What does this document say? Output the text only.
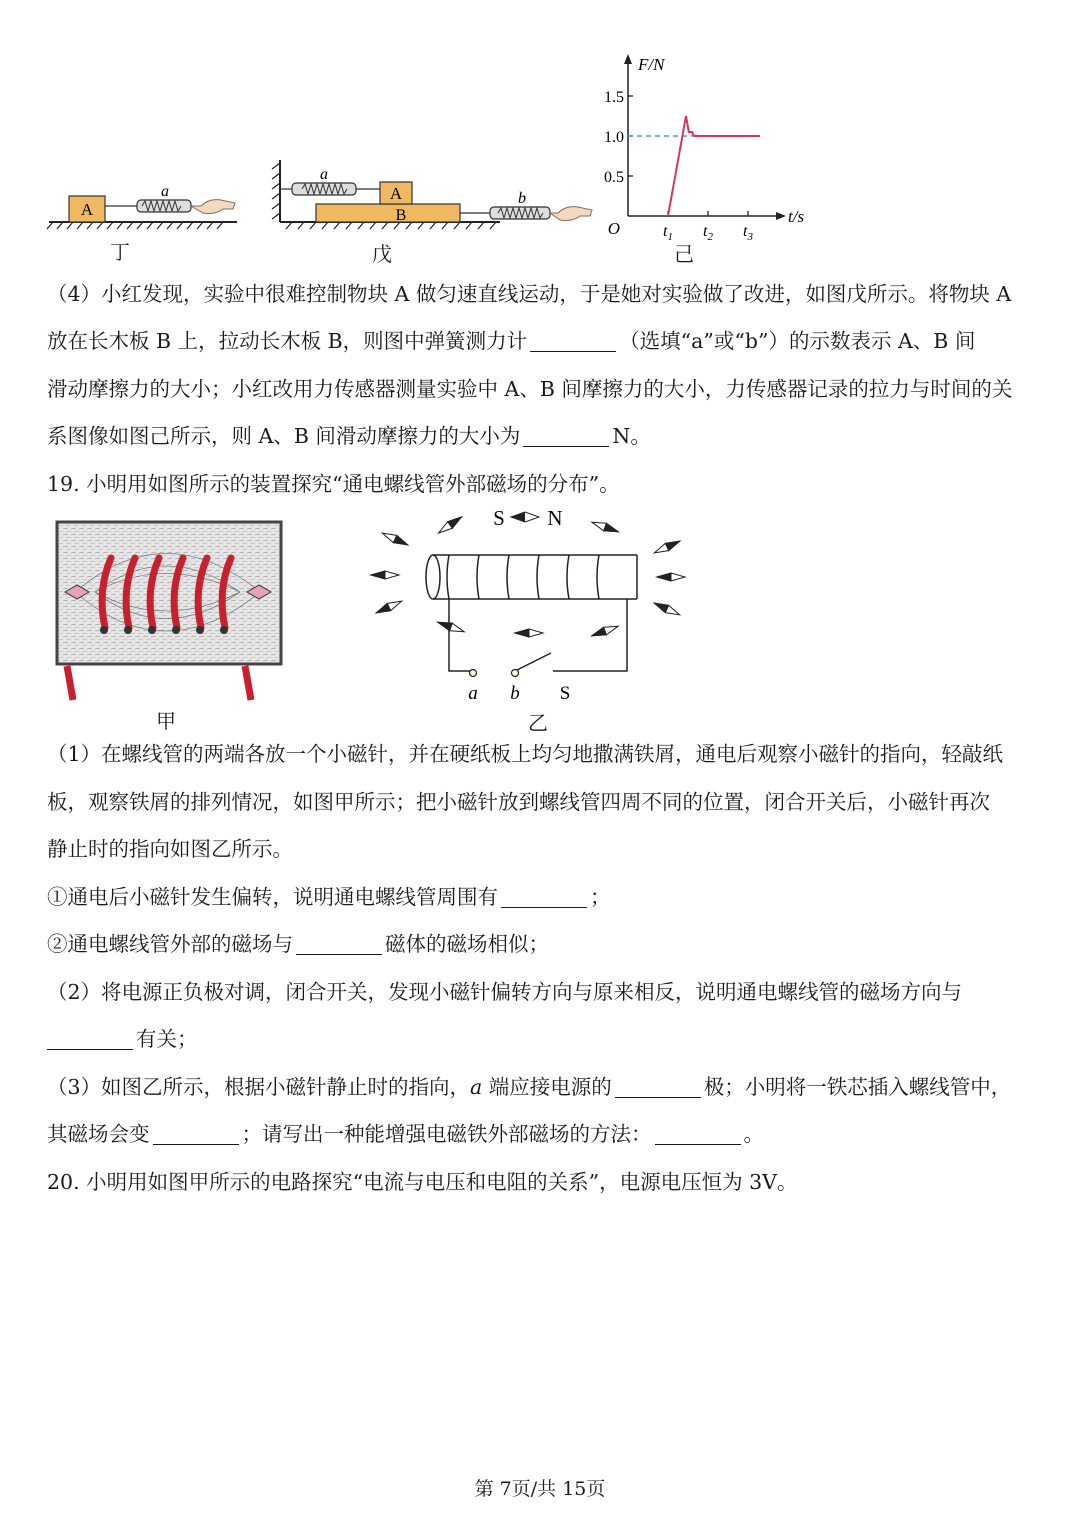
A
a
丁
B
A
a
b
戊
F/N
t/s
O
0.5
1.0
1.5
$t_1$ $t_2$ $t_3$
己
（4）小红发现，实验中很难控制物块 A 做匀速直线运动，于是她对实验做了改进，如图戊所示。将物块 A
放在长木板 B 上，拉动长木板 B，则图中弹簧测力计	（选填“a”或“b”）的示数表示 A、B 间
滑动摩擦力的大小；小红改用力传感器测量实验中 A、B 间摩擦力的大小，力传感器记录的拉力与时间的关
系图像如图己所示，则 A、B 间滑动摩擦力的大小为	N。
19. 小明用如图所示的装置探究“通电螺线管外部磁场的分布”。
甲
a b S
S N
乙
（1）在螺线管的两端各放一个小磁针，并在硬纸板上均匀地撒满铁屑，通电后观察小磁针的指向，轻敲纸
板，观察铁屑的排列情况，如图甲所示；把小磁针放到螺线管四周不同的位置，闭合开关后，小磁针再次
静止时的指向如图乙所示。
①通电后小磁针发生偏转，说明通电螺线管周围有	；
②通电螺线管外部的磁场与	磁体的磁场相似；
（2）将电源正负极对调，闭合开关，发现小磁针偏转方向与原来相反，说明通电螺线管的磁场方向与
有关；
（3）如图乙所示，根据小磁针静止时的指向，a 端应接电源的	极；小明将一铁芯插入螺线管中，
其磁场会变	；请写出一种能增强电磁铁外部磁场的方法：	。
20. 小明用如图甲所示的电路探究“电流与电压和电阻的关系”，电源电压恒为 3V。
第 7页/共 15页
